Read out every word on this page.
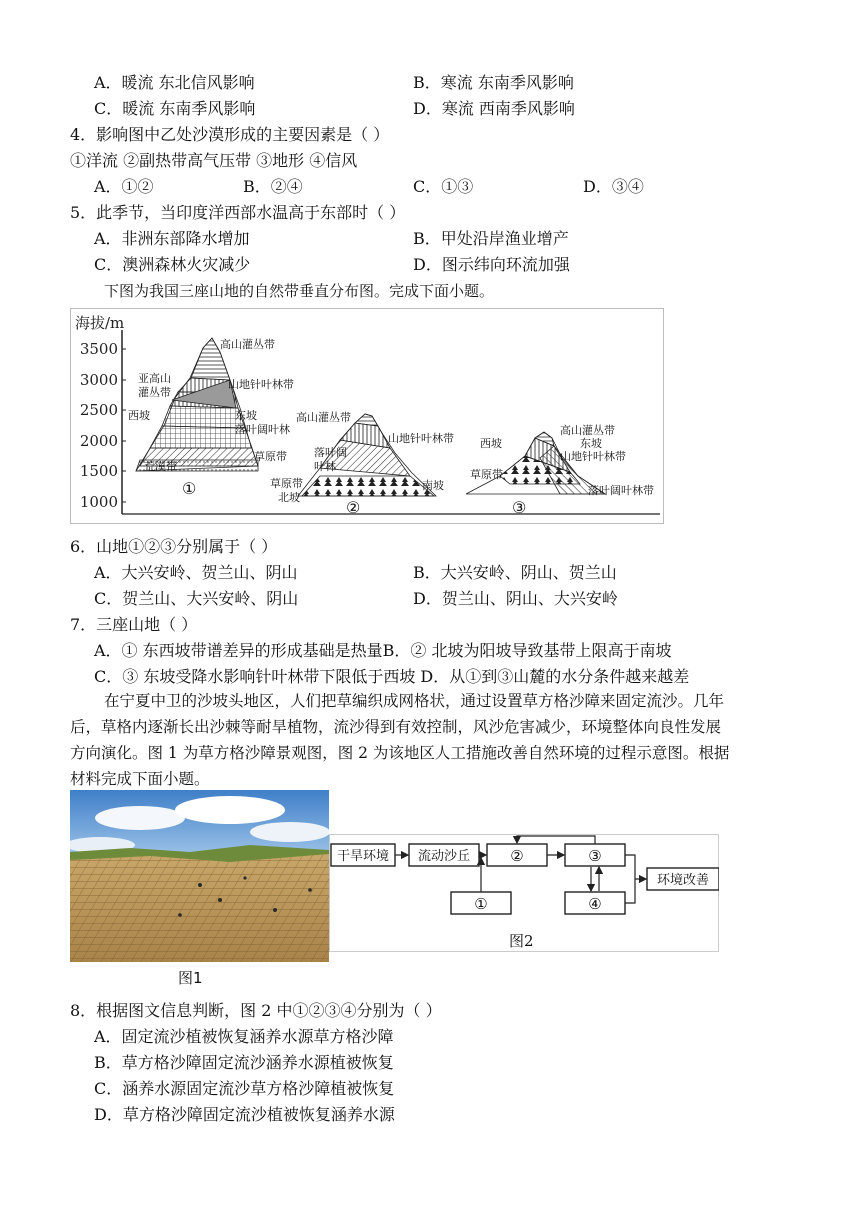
A．暖流 东北信风影响	B．寒流 东南季风影响
C．暖流 东南季风影响	D．寒流 西南季风影响
4．影响图中乙处沙漠形成的主要因素是（ ）
①洋流 ②副热带高气压带 ③地形 ④信风
A．①②	B．②④	C．①③	D．③④
5．此季节，当印度洋西部水温高于东部时（ ）
A．非洲东部降水增加	B．甲处沿岸渔业增产
C．澳洲森林火灾减少	D．图示纬向环流加强
下图为我国三座山地的自然带垂直分布图。完成下面小题。
海拔/m
3500
3000
2500
2000
1500
1000
高山灌丛带
亚高山
灌丛带
山地针叶林带
西坡	东坡
落叶阔叶林
草原带
荒漠带
①
高山灌丛带
山地针叶林带
落叶阔
叶林
草原带
北坡
南坡
②
西坡
高山灌丛带
东坡
山地针叶林带
草原带
落叶阔叶林带
③
6．山地①②③分别属于（ ）
A．大兴安岭、贺兰山、阴山	B．大兴安岭、阴山、贺兰山
C．贺兰山、大兴安岭、阴山	D．贺兰山、阴山、大兴安岭
7．三座山地（ ）
A．① 东西坡带谱差异的形成基础是热量B．② 北坡为阳坡导致基带上限高于南坡
C．③ 东坡受降水影响针叶林带下限低于西坡 D．从①到③山麓的水分条件越来越差
在宁夏中卫的沙坡头地区，人们把草编织成网格状，通过设置草方格沙障来固定流沙。几年
后，草格内逐渐长出沙棘等耐旱植物，流沙得到有效控制，风沙危害减少，环境整体向良性发展
方向演化。图 1 为草方格沙障景观图，图 2 为该地区人工措施改善自然环境的过程示意图。根据
材料完成下面小题。
图1
干旱环境 流动沙丘	②	③
环境改善
①	④
图2
8．根据图文信息判断，图 2 中①②③④分别为（ ）
A．固定流沙植被恢复涵养水源草方格沙障
B．草方格沙障固定流沙涵养水源植被恢复
C．涵养水源固定流沙草方格沙障植被恢复
D．草方格沙障固定流沙植被恢复涵养水源
